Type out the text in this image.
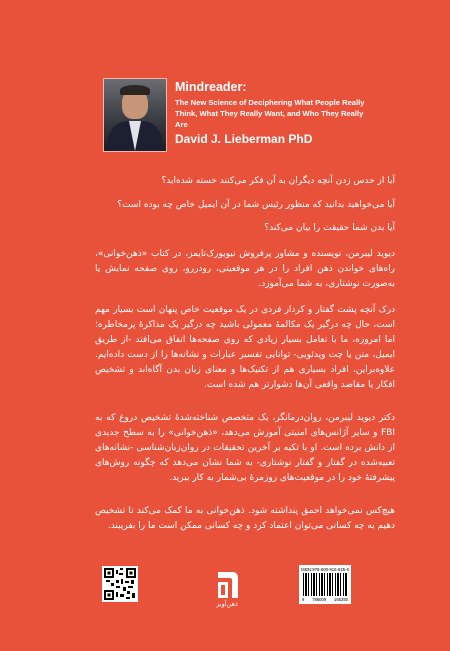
Mindreader:
The New Science of Deciphering What People Really Think, What They Really Want, and Who They Really Are
David J. Lieberman PhD

آیا از حدس زدن آنچه دیگران به آن فکر می‌کنند خسته شده‌اید؟

آیا می‌خواهید بدانید که منظور رئیس شما در آن ایمیل خاص چه بوده است؟

آیا بدن شما حقیقت را بیان می‌کند؟

دیوید لیبرمن، نویسنده و مشاور پرفروش نیویورک‌تایمز، در کتاب «ذهن‌خوانی»، راه‌های خواندن ذهن افراد را در هر موقعیتی، رودررو، روی صفحه نمایش یا به‌صورت نوشتاری، به شما می‌آموزد.

درک آنچه پشت گفتار و کردار فردی در یک موقعیت خاص پنهان است بسیار مهم است، حال چه درگیر یک مکالمهٔ معمولی باشید چه درگیر یک مذاکرهٔ پرمخاطره؛ اما امروزه، ما با تعامل بسیار زیادی که روی صفحه‌ها اتفاق می‌افتد -از طریق ایمیل، متن یا چت ویدئویی- توانایی تفسیر عبارات و نشانه‌ها را از دست داده‌ایم. علاوه‌براین، افراد بسیاری هم از تکنیک‌ها و معنای زبان بدن آگاه‌اند و تشخیص افکار یا مقاصد واقعی آن‌ها دشوارتر هم شده است.

دکتر دیوید لیبرمن، روان‌درمانگر، یک متخصص شناخته‌شدهٔ تشخیص دروغ که به FBI و سایر آژانس‌های امنیتی آموزش می‌دهد، «ذهن‌خوانی» را به سطح جدیدی از دانش برده است. او با تکیه بر آخرین تحقیقات در روان‌زبان‌شناسی -نشانه‌های تعبیه‌شده در گفتار و گفتار نوشتاری- به شما نشان می‌دهد که چگونه روش‌های پیشرفتهٔ خود را در موقعیت‌های روزمرهٔ بی‌شمار به کار ببرید.

هیچ‌کس نمی‌خواهد احمق پنداشته شود. ذهن‌خوانی به ما کمک می‌کند تا تشخیص دهیم به چه کسانی می‌توان اعتماد کرد و چه کسانی ممکن است ما را بفریبند.

ذهن‌آویز
ISBN:978-600-916-525-6
9 786009 165250
